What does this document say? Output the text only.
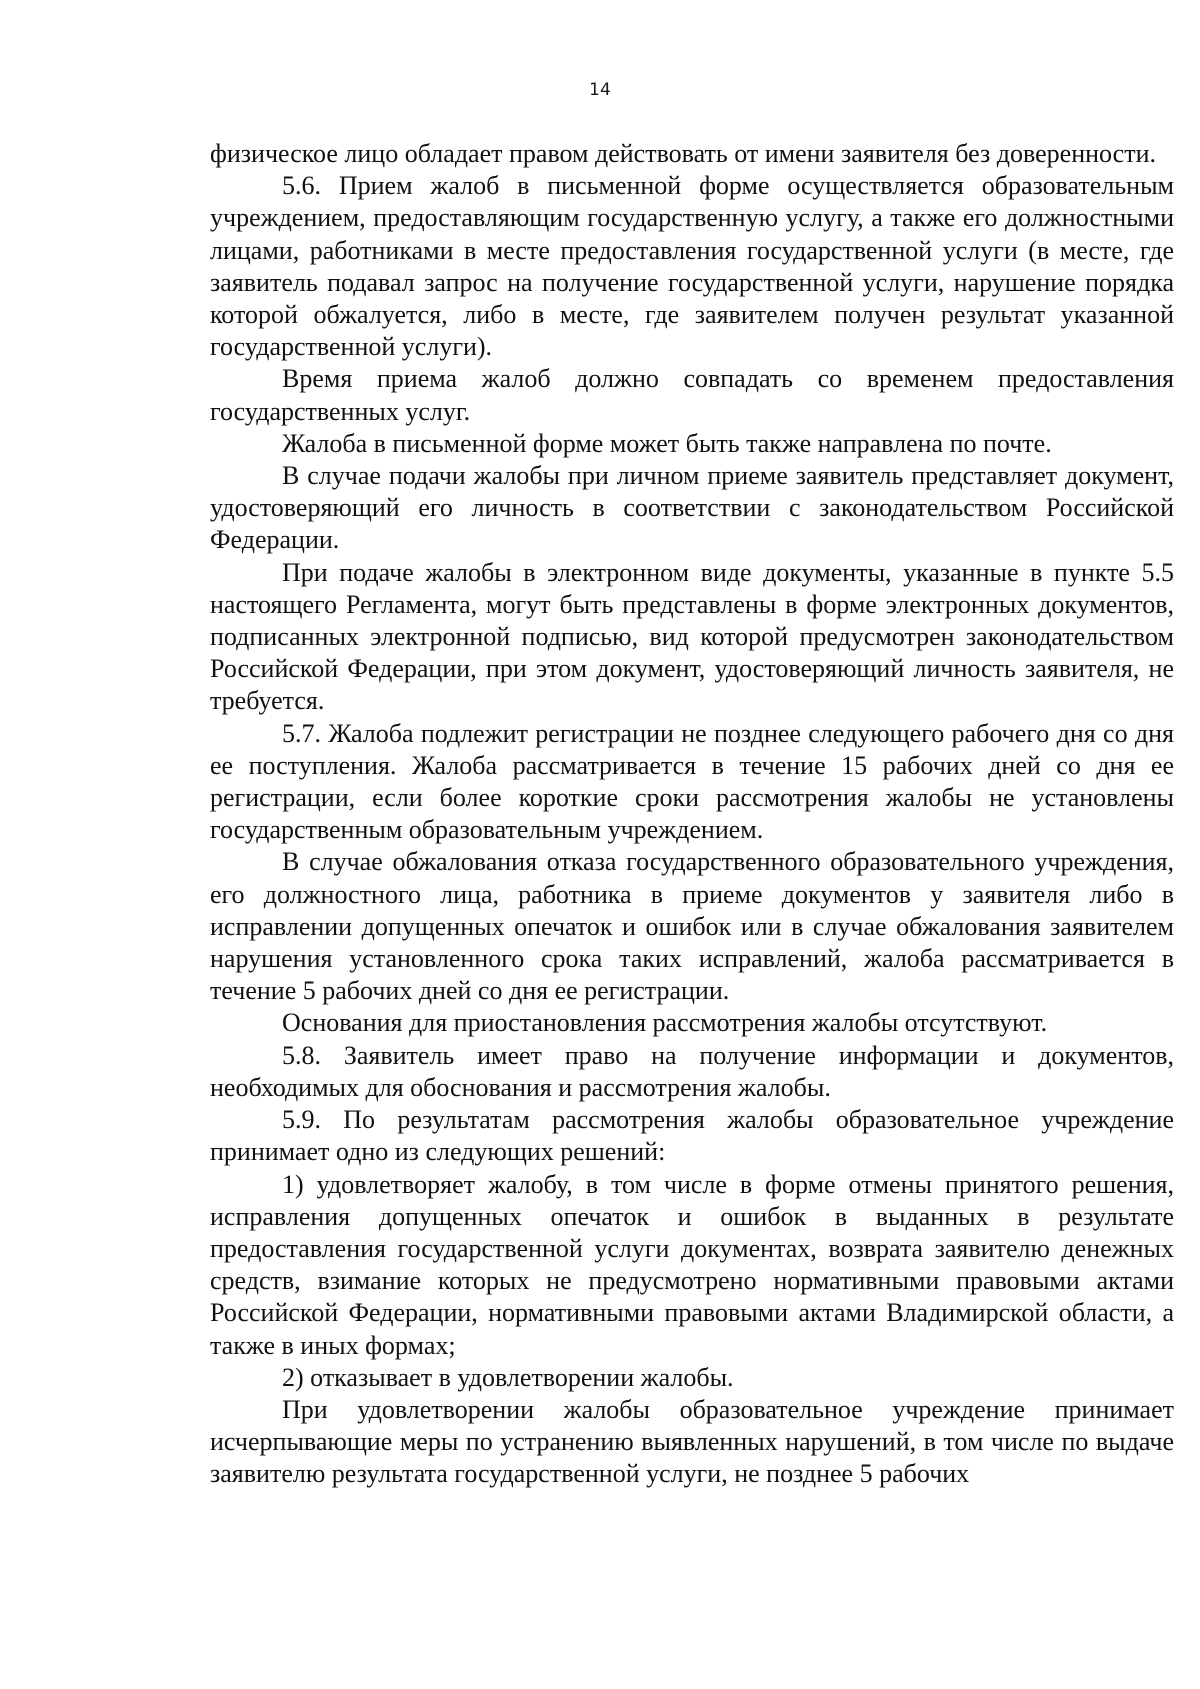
14

физическое лицо обладает правом действовать от имени заявителя без доверенности.

5.6. Прием жалоб в письменной форме осуществляется образовательным учреждением, предоставляющим государственную услугу, а также его должностными лицами, работниками в месте предоставления государственной услуги (в месте, где заявитель подавал запрос на получение государственной услуги, нарушение порядка которой обжалуется, либо в месте, где заявителем получен результат указанной государственной услуги).

Время приема жалоб должно совпадать со временем предоставления государственных услуг.

Жалоба в письменной форме может быть также направлена по почте.

В случае подачи жалобы при личном приеме заявитель представляет документ, удостоверяющий его личность в соответствии с законодательством Российской Федерации.

При подаче жалобы в электронном виде документы, указанные в пункте 5.5 настоящего Регламента, могут быть представлены в форме электронных документов, подписанных электронной подписью, вид которой предусмотрен законодательством Российской Федерации, при этом документ, удостоверяющий личность заявителя, не требуется.

5.7. Жалоба подлежит регистрации не позднее следующего рабочего дня со дня ее поступления. Жалоба рассматривается в течение 15 рабочих дней со дня ее регистрации, если более короткие сроки рассмотрения жалобы не установлены государственным образовательным учреждением.

В случае обжалования отказа государственного образовательного учреждения, его должностного лица, работника в приеме документов у заявителя либо в исправлении допущенных опечаток и ошибок или в случае обжалования заявителем нарушения установленного срока таких исправлений, жалоба рассматривается в течение 5 рабочих дней со дня ее регистрации.

Основания для приостановления рассмотрения жалобы отсутствуют.

5.8. Заявитель имеет право на получение информации и документов, необходимых для обоснования и рассмотрения жалобы.

5.9. По результатам рассмотрения жалобы образовательное учреждение принимает одно из следующих решений:

1) удовлетворяет жалобу, в том числе в форме отмены принятого решения, исправления допущенных опечаток и ошибок в выданных в результате предоставления государственной услуги документах, возврата заявителю денежных средств, взимание которых не предусмотрено нормативными правовыми актами Российской Федерации, нормативными правовыми актами Владимирской области, а также в иных формах;

2) отказывает в удовлетворении жалобы.

При удовлетворении жалобы образовательное учреждение принимает исчерпывающие меры по устранению выявленных нарушений, в том числе по выдаче заявителю результата государственной услуги, не позднее 5 рабочих
